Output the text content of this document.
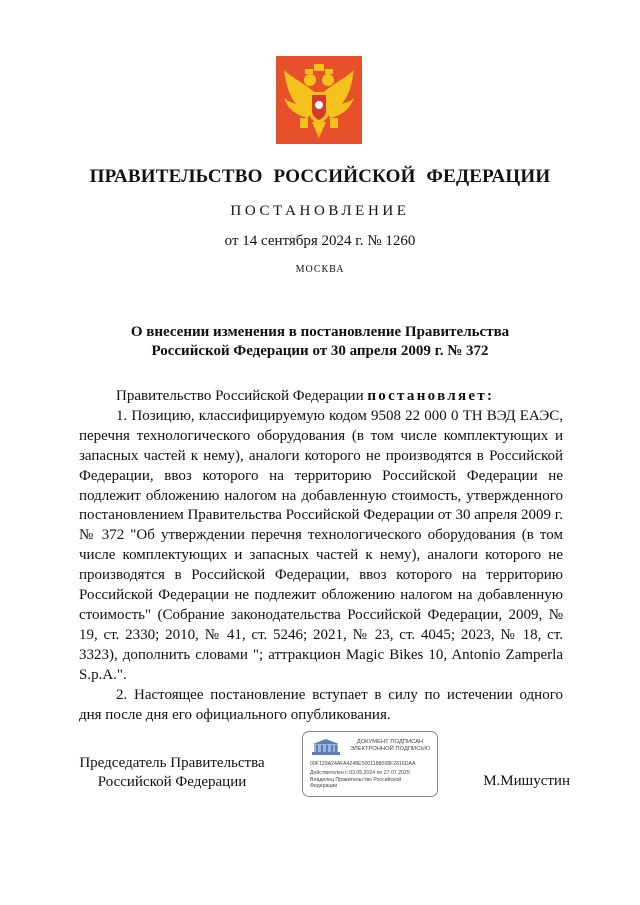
ПРАВИТЕЛЬСТВО РОССИЙСКОЙ ФЕДЕРАЦИИ
ПОСТАНОВЛЕНИЕ
от 14 сентября 2024 г. № 1260
МОСКВА
О внесении изменения в постановление Правительства
Российской Федерации от 30 апреля 2009 г. № 372
Правительство Российской Федерации постановляет:

1. Позицию, классифицируемую кодом 9508 22 000 0 ТН ВЭД ЕАЭС, перечня технологического оборудования (в том числе комплектующих и запасных частей к нему), аналоги которого не производятся в Российской Федерации, ввоз которого на территорию Российской Федерации не подлежит обложению налогом на добавленную стоимость, утвержденного постановлением Правительства Российской Федерации от 30 апреля 2009 г. № 372 "Об утверждении перечня технологического оборудования (в том числе комплектующих и запасных частей к нему), аналоги которого не производятся в Российской Федерации, ввоз которого на территорию Российской Федерации не подлежит обложению налогом на добавленную стоимость" (Собрание законодательства Российской Федерации, 2009, № 19, ст. 2330; 2010, № 41, ст. 5246; 2021, № 23, ст. 4045; 2023, № 18, ст. 3323), дополнить словами "; аттракцион Magic Bikes 10, Antonio Zamperla S.p.A.".

2. Настоящее постановление вступает в силу по истечении одного дня после дня его официального опубликования.

Председатель Правительства
Российской Федерации
ДОКУМЕНТ ПОДПИСАН
ЭЛЕКТРОННОЙ ПОДПИСЬЮ
00F129A24AFA4248E5001188008F2816DAA
Действителен с 03.05.2024 по 27.07.2025
Владелец Правительство Российской
Федерации	М.Мишустин
